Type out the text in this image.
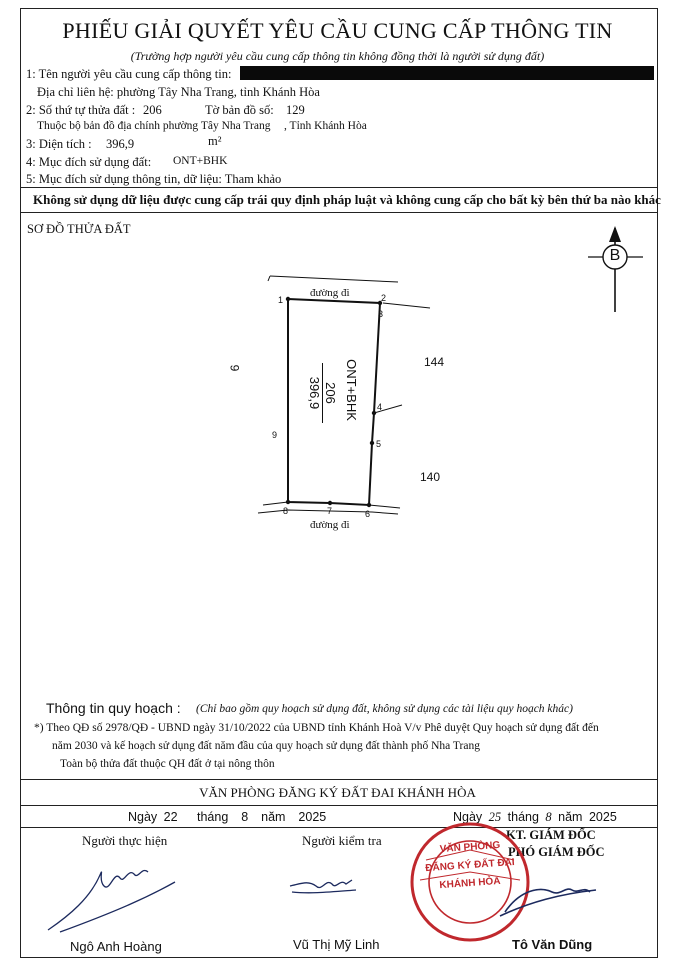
PHIẾU GIẢI QUYẾT YÊU CẦU CUNG CẤP THÔNG TIN
(Trường hợp người yêu cầu cung cấp thông tin không đồng thời là người sử dụng đất)
1: Tên người yêu cầu cung cấp thông tin:
Địa chỉ liên hệ: phường Tây Nha Trang, tỉnh Khánh Hòa
2: Số thứ tự thửa đất : 206	Tờ bản đồ số: 129
Thuộc bộ bản đồ địa chính phường Tây Nha Trang , Tỉnh Khánh Hòa
3: Diện tích : 396,9	m²
4: Mục đích sử dụng đất: ONT+BHK
5: Mục đích sử dụng thông tin, dữ liệu: Tham khảo
Không sử dụng dữ liệu được cung cấp trái quy định pháp luật và không cung cấp cho bất kỳ bên thứ ba nào khác
SƠ ĐỒ THỬA ĐẤT
B
đường đi
đường đi
1	2
3
4
5
6
7
8
9
9	144
140
ONT+BHK
206
396,9
Thông tin quy hoạch : (Chỉ bao gồm quy hoạch sử dụng đất, không sử dụng các tài liệu quy hoạch khác)
*) Theo QĐ số 2978/QĐ - UBND ngày 31/10/2022 của UBND tỉnh Khánh Hoà V/v Phê duyệt Quy hoạch sử dụng đất đến
năm 2030 và kế hoạch sử dụng đất năm đầu của quy hoạch sử dụng đất thành phố Nha Trang
Toàn bộ thửa đất thuộc QH đất ở tại nông thôn
VĂN PHÒNG ĐĂNG KÝ ĐẤT ĐAI KHÁNH HÒA
Ngày 22 tháng 8 năm 2025	Ngày 25 tháng 8 năm 2025
Người thực hiện	Người kiểm tra	KT. GIÁM ĐỐC
PHÓ GIÁM ĐỐC
VĂN PHÒNG
ĐĂNG KÝ ĐẤT ĐAI
KHÁNH HÒA
Ngô Anh Hoàng	Vũ Thị Mỹ Linh	Tô Văn Dũng
